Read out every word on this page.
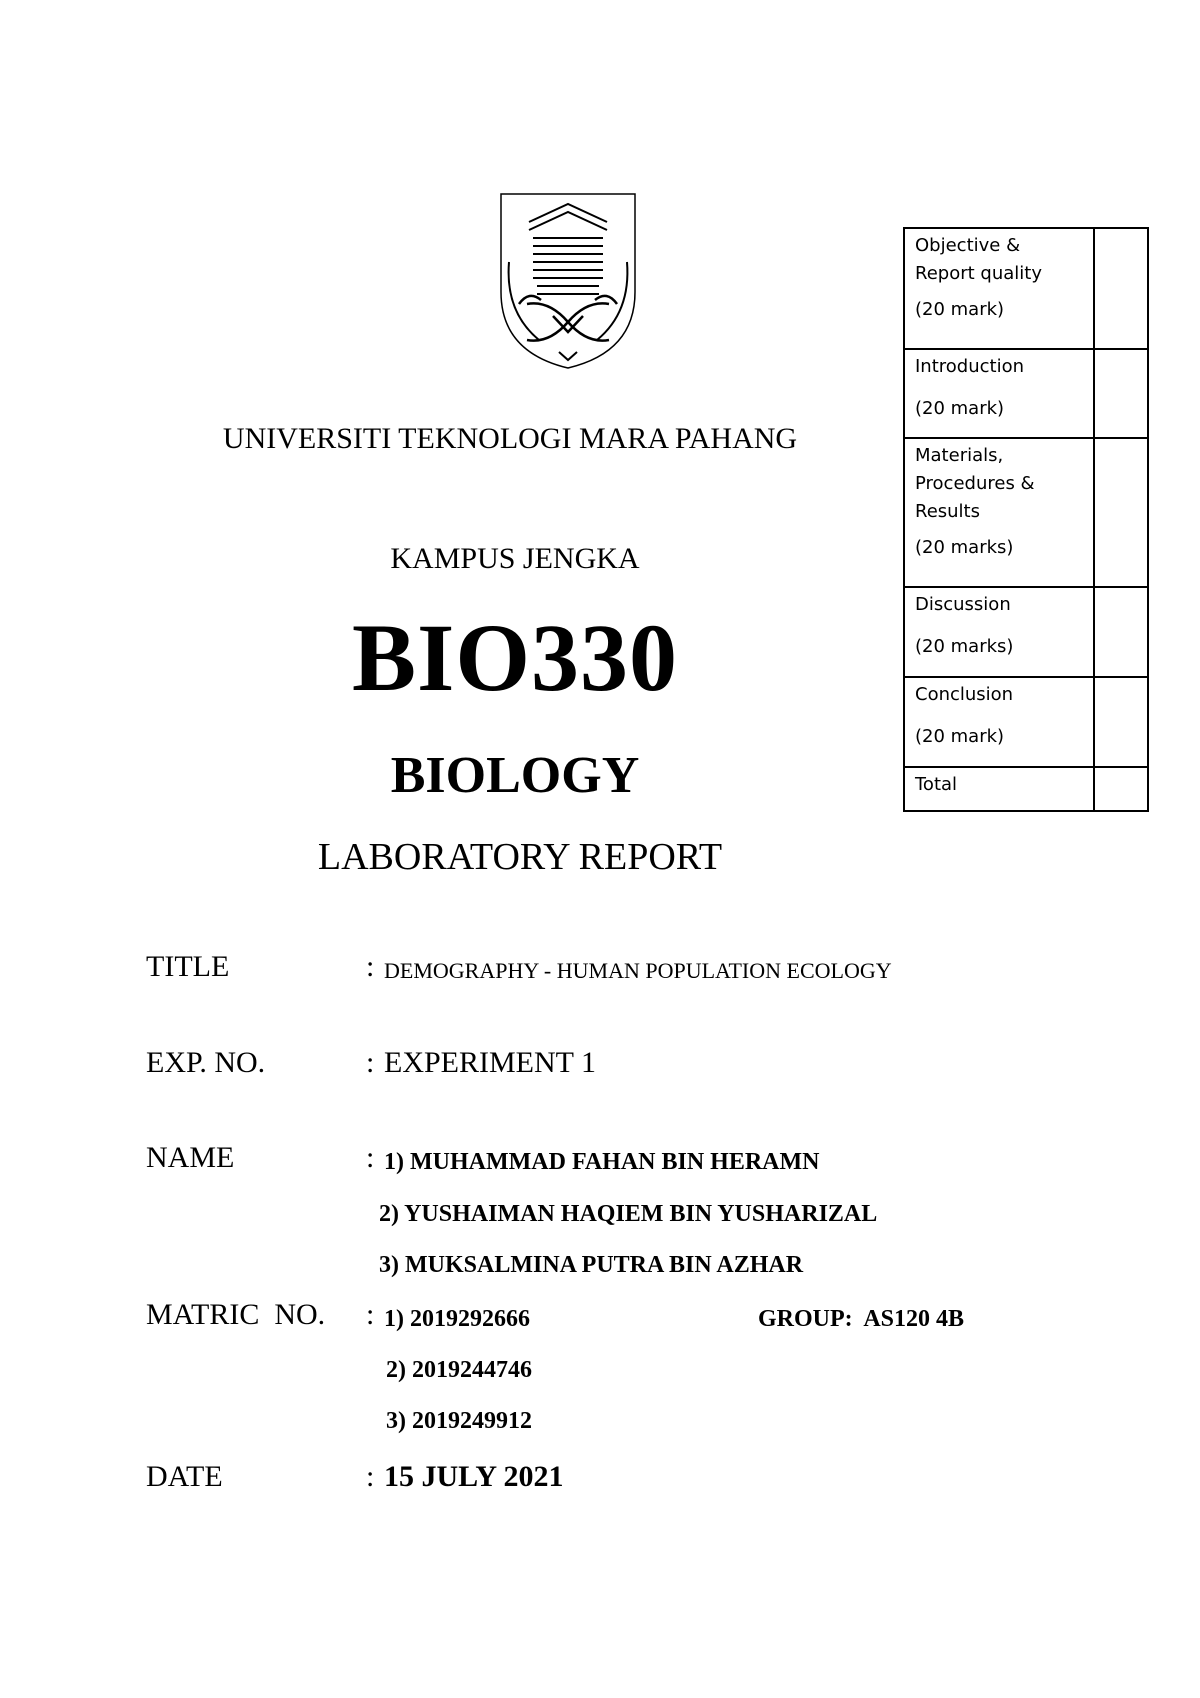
UNIVERSITI TEKNOLOGI MARA PAHANG
KAMPUS JENGKA
BIO330
BIOLOGY
LABORATORY REPORT
Objective & Report quality
(20 mark)	

Introduction
(20 mark)	

Materials, Procedures & Results
(20 marks)	

Discussion
(20 marks)	

Conclusion
(20 mark)	

Total	

TITLE	: DEMOGRAPHY - HUMAN POPULATION ECOLOGY
EXP. NO.	: EXPERIMENT 1
NAME	: 1) MUHAMMAD FAHAN BIN HERAMN
2) YUSHAIMAN HAQIEM BIN YUSHARIZAL
3) MUKSALMINA PUTRA BIN AZHAR
MATRIC  NO. : 1) 2019292666	GROUP:  AS120 4B
2) 2019244746
3) 2019249912
DATE	: 15 JULY 2021
